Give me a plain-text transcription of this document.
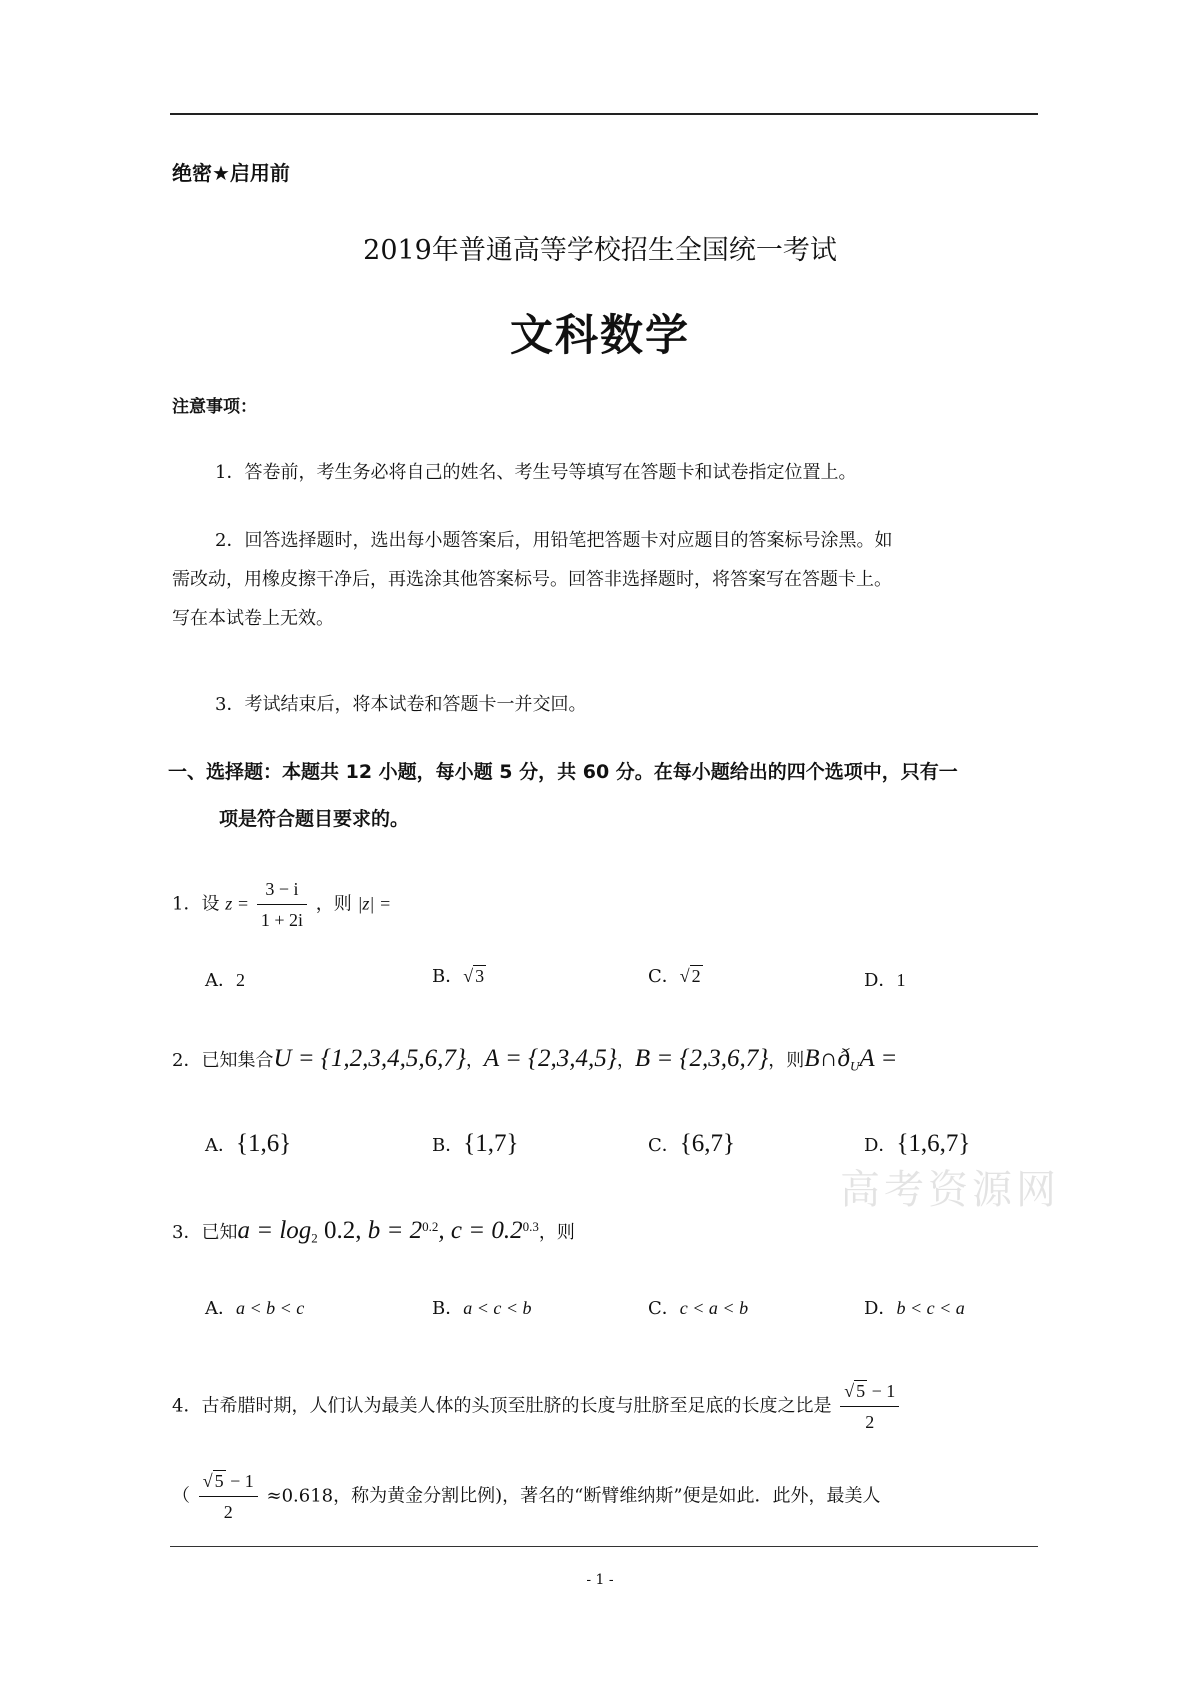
绝密★启用前
2019年普通高等学校招生全国统一考试
文科数学
注意事项：
1．答卷前，考生务必将自己的姓名、考生号等填写在答题卡和试卷指定位置上。
2．回答选择题时，选出每小题答案后，用铅笔把答题卡对应题目的答案标号涂黑。如
需改动，用橡皮擦干净后，再选涂其他答案标号。回答非选择题时，将答案写在答题卡上。
写在本试卷上无效。
3．考试结束后，将本试卷和答题卡一并交回。
一、选择题：本题共 12 小题，每小题 5 分，共 60 分。在每小题给出的四个选项中，只有一
项是符合题目要求的。
1．设 $z = \frac{3 - i}{1 + 2i}$ ，则 |z| =
A．2	B．√ 3	C．√ 2	D．1
2．已知集合U = {1,2,3,4,5,6,7}，A = {2,3,4,5}，B = {2,3,6,7}，则$B\cap ð_UA$ =
A．{1,6}	B．{1,7}	C．{6,7}	D．{1,6,7}
高考资源网
3．已知$a = \log_2 0.2$, $b = 2^{0.2}$, $c = 0.2^{0.3}$，则
A．a < b < c	B．a < c < b	C．c < a < b	D．b < c < a
4．古希腊时期，人们认为最美人体的头顶至肚脐的长度与肚脐至足底的长度之比是 $\frac{√ 5 - 1}{2}$
（ $\frac{√ 5 - 1}{2} \approx 0.618$，称为黄金分割比例)，著名的“断臂维纳斯”便是如此．此外，最美人
- 1 -
